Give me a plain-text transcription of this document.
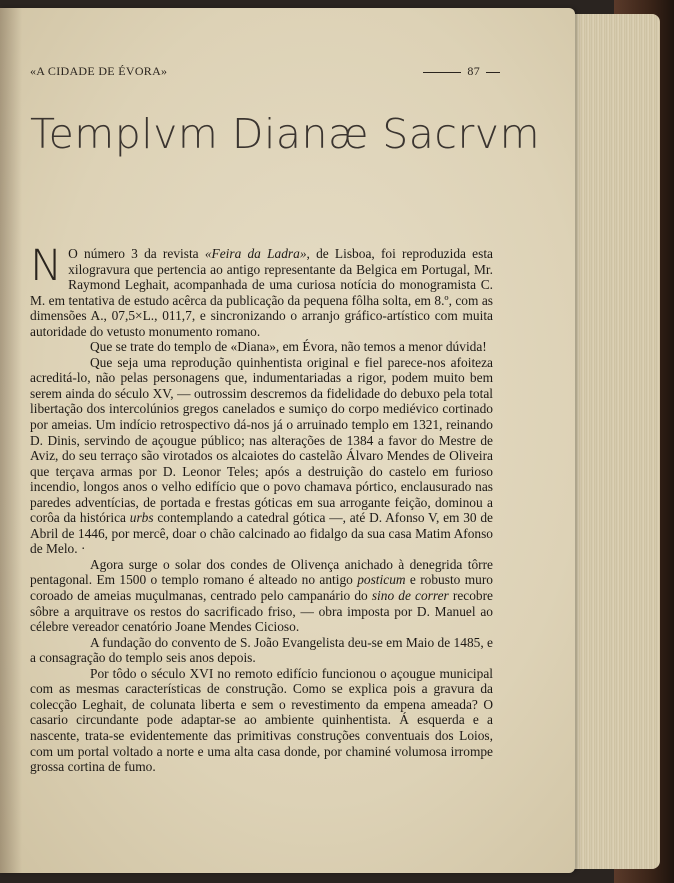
«A CIDADE DE ÉVORA»	87
Templvm Dianæ Sacrvm

N O número 3 da revista «Feira da Ladra», de Lisboa, foi reproduzida esta xilogravura que pertencia ao antigo representante da Belgica em Portugal, Mr. Raymond Leghait, acompanhada de uma curiosa notícia do monogramista C. M. em tentativa de estudo acêrca da publicação da pequena fôlha solta, em 8.º, com as dimensões A., 07,5×L., 011,7, e sincronizando o arranjo gráfico-artístico com muita autoridade do vetusto monumento romano.

Que se trate do templo de «Diana», em Évora, não temos a menor dúvida!

Que seja uma reprodução quinhentista original e fiel parece-nos afoiteza acreditá-lo, não pelas personagens que, indumentariadas a rigor, podem muito bem serem ainda do século XV, — outrossim descremos da fidelidade do debuxo pela total libertação dos intercolúnios gregos canelados e sumiço do corpo mediévico cortinado por ameias. Um indício retrospectivo dá-nos já o arruinado templo em 1321, reinando D. Dinis, servindo de açougue público; nas alterações de 1384 a favor do Mestre de Aviz, do seu terraço são virotados os alcaiotes do castelão Álvaro Mendes de Oliveira que terçava armas por D. Leonor Teles; após a destruição do castelo em furioso incendio, longos anos o velho edifício que o povo chamava pórtico, enclausurado nas paredes adventícias, de portada e frestas góticas em sua arrogante feição, dominou a corôa da histórica urbs contemplando a catedral gótica —, até D. Afonso V, em 30 de Abril de 1446, por mercê, doar o chão calcinado ao fidalgo da sua casa Matim Afonso de Melo. ·

Agora surge o solar dos condes de Olivença anichado à denegrida tôrre pentagonal. Em 1500 o templo romano é alteado no antigo posticum e robusto muro coroado de ameias muçulmanas, centrado pelo campanário do sino de correr recobre sôbre a arquitrave os restos do sacrificado friso, — obra imposta por D. Manuel ao célebre vereador cenatório Joane Mendes Cicioso.

A fundação do convento de S. João Evangelista deu-se em Maio de 1485, e a consagração do templo seis anos depois.

Por tôdo o século XVI no remoto edifício funcionou o açougue municipal com as mesmas características de construção. Como se explica pois a gravura da colecção Leghait, de colunata liberta e sem o revestimento da empena ameada? O casario circundante pode adaptar-se ao ambiente quinhentista. Á esquerda e a nascente, trata-se evidentemente das primitivas construções conventuais dos Loios, com um portal voltado a norte e uma alta casa donde, por chaminé volumosa irrompe grossa cortina de fumo.
